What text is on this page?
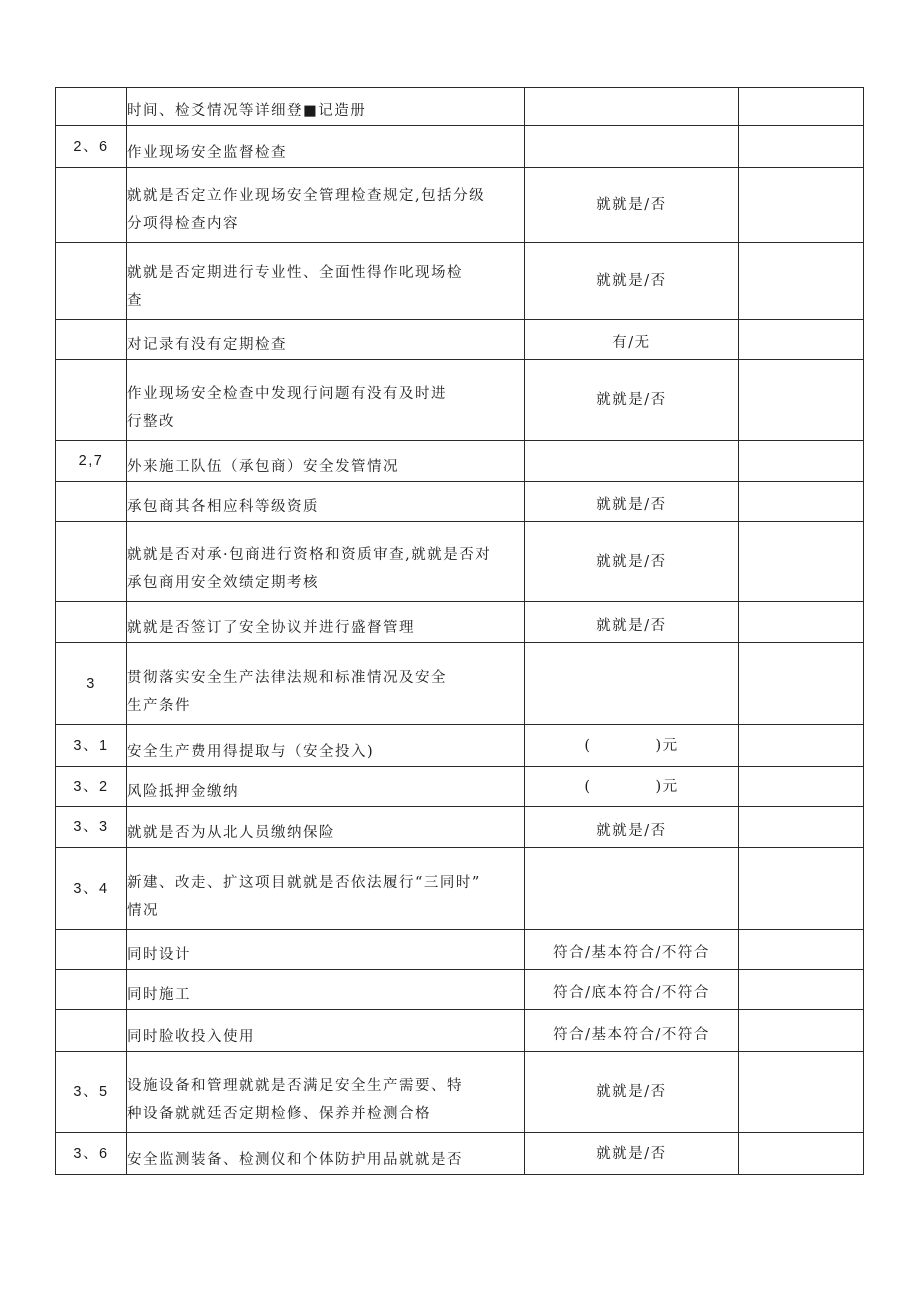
	时间、检爻情况等详细登■记造册		

2、6	作业现场安全监督检查		

	就就是否定立作业现场安全管理检查规定,包括分级
分项得检查内容	就就是/否	

	就就是否定期进行专业性、全面性得作叱现场检
查	就就是/否	

	对记录有没有定期检查	有/无	

	作业现场安全检查中发现行问题有没有及时进
行整改	就就是/否	
2,7	外来施工队伍（承包商）安全发管情况		

	承包商其各相应科等级资质	就就是/否	

	就就是否对承·包商进行资格和资质审查,就就是否对
承包商用安全效绩定期考核	就就是/否	

	就就是否签订了安全协议并进行盛督管理	就就是/否	
3	贯彻落实安全生产法律法规和标准情况及安全
生产条件		

3、1	安全生产费用得提取与（安全投入)	(　　　　)元	
3、2	风险抵押金缴纳	(　　　　)元	
3、3	就就是否为从北人员缴纳保险	就就是/否	
3、4	新建、改走、扩这项目就就是否依法履行“三同时”
情况		

	同时设计	符合/基本符合/不符合	

	同时施工	符合/底本符合/不符合	

	同时脸收投入使用	符合/基本符合/不符合	
3、5	设施设备和管理就就是否满足安全生产需要、特
种设备就就廷否定期检修、保养并检测合格	就就是/否	
3、6	安全监测装备、检测仪和个体防护用品就就是否	就就是/否	
